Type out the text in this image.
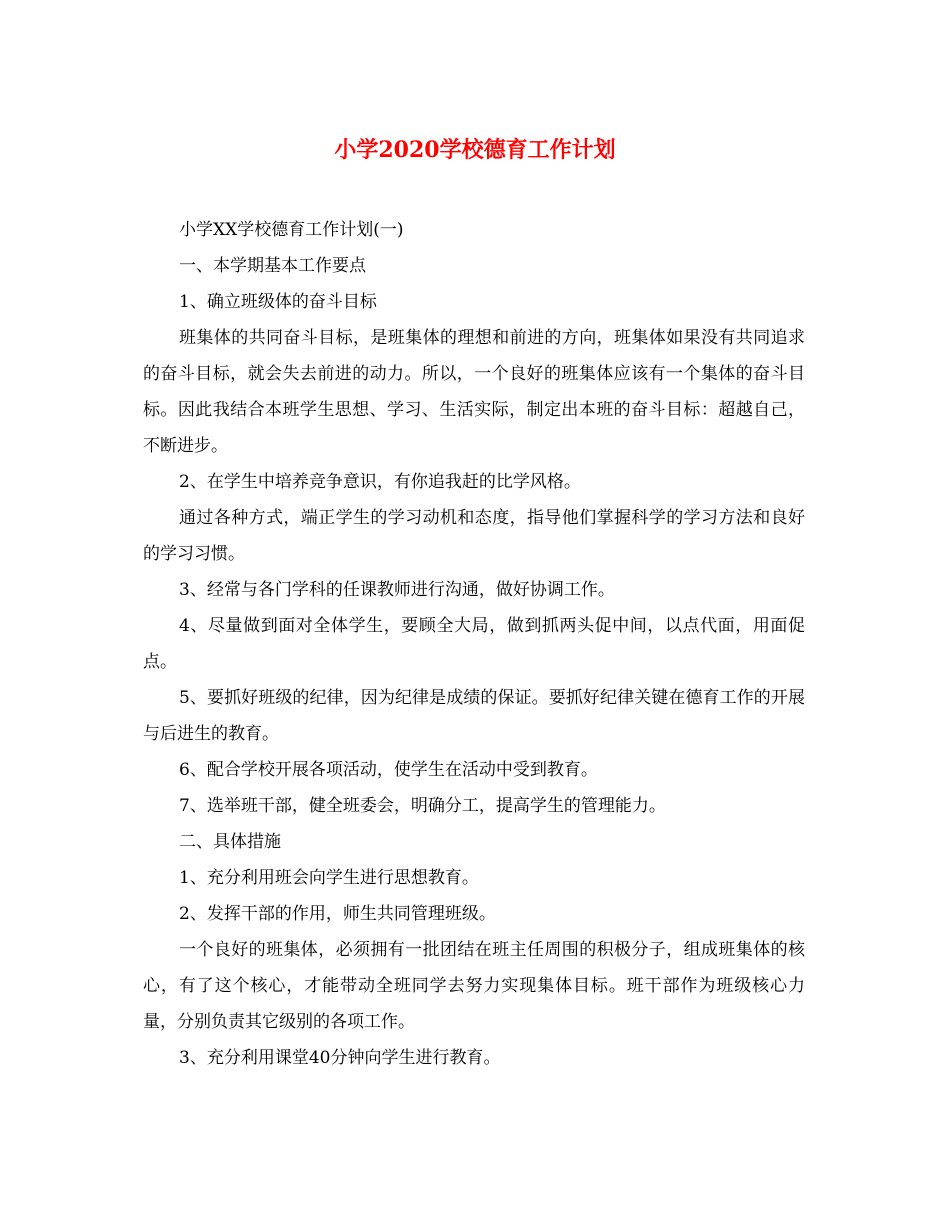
小学2020学校德育工作计划

小学XX学校德育工作计划(一)

一、本学期基本工作要点

1、确立班级体的奋斗目标

班集体的共同奋斗目标，是班集体的理想和前进的方向，班集体如果没有共同追求的奋斗目标，就会失去前进的动力。所以，一个良好的班集体应该有一个集体的奋斗目标。因此我结合本班学生思想、学习、生活实际，制定出本班的奋斗目标：超越自己，不断进步。

2、在学生中培养竞争意识，有你追我赶的比学风格。

通过各种方式，端正学生的学习动机和态度，指导他们掌握科学的学习方法和良好的学习习惯。

3、经常与各门学科的任课教师进行沟通，做好协调工作。

4、尽量做到面对全体学生，要顾全大局，做到抓两头促中间，以点代面，用面促点。

5、要抓好班级的纪律，因为纪律是成绩的保证。要抓好纪律关键在德育工作的开展与后进生的教育。

6、配合学校开展各项活动，使学生在活动中受到教育。

7、选举班干部，健全班委会，明确分工，提高学生的管理能力。

二、具体措施

1、充分利用班会向学生进行思想教育。

2、发挥干部的作用，师生共同管理班级。

一个良好的班集体，必须拥有一批团结在班主任周围的积极分子，组成班集体的核心，有了这个核心，才能带动全班同学去努力实现集体目标。班干部作为班级核心力量，分别负责其它级别的各项工作。

3、充分利用课堂40分钟向学生进行教育。
